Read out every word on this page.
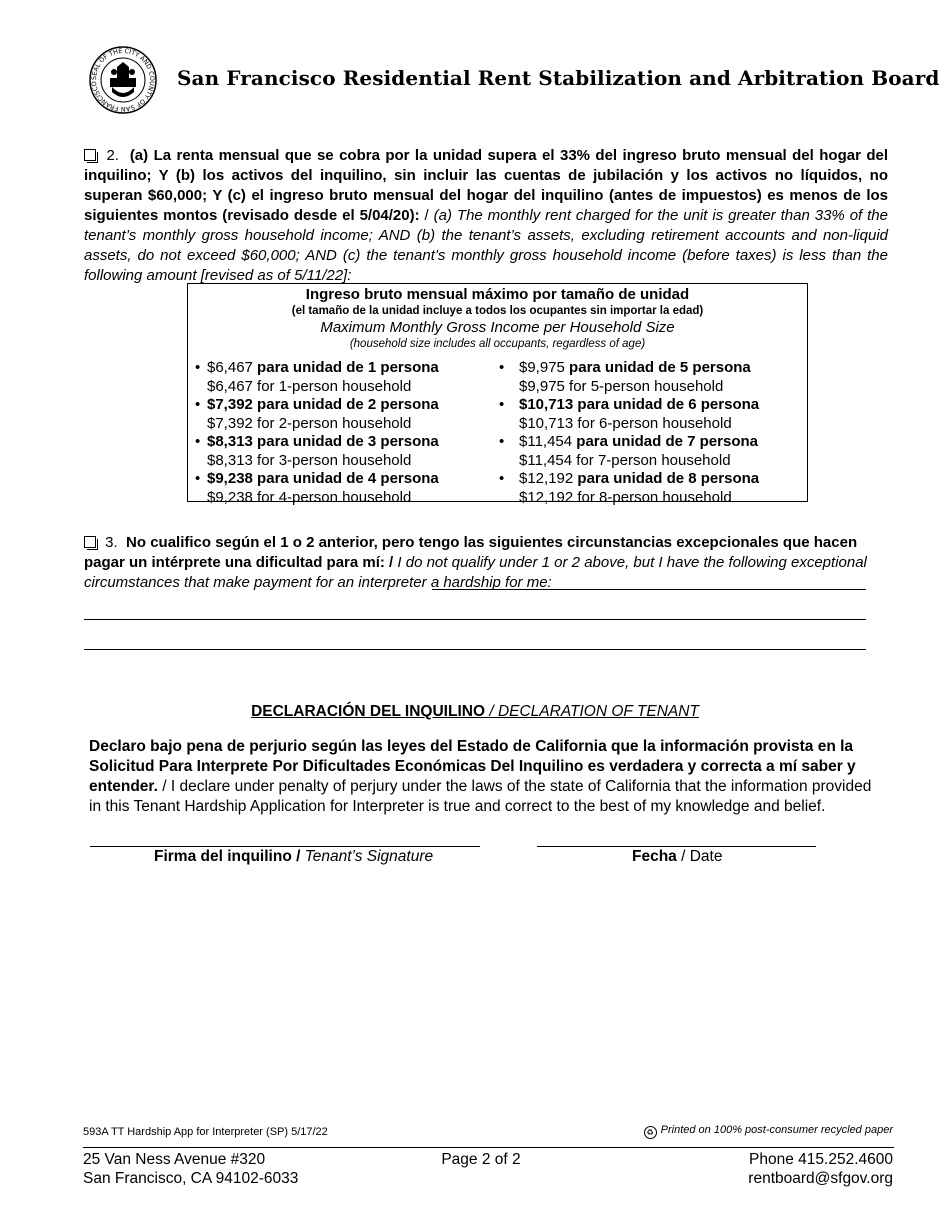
SEAL OF THE CITY AND COUNTY OF SAN FRANCISCO	San Francisco Residential Rent Stabilization and Arbitration Board
2. (a) La renta mensual que se cobra por la unidad supera el 33% del ingreso bruto mensual del hogar del inquilino; Y (b) los activos del inquilino, sin incluir las cuentas de jubilación y los activos no líquidos, no superan $60,000; Y (c) el ingreso bruto mensual del hogar del inquilino (antes de impuestos) es menos de los siguientes montos (revisado desde el 5/04/20): / (a) The monthly rent charged for the unit is greater than 33% of the tenant’s monthly gross household income; AND (b) the tenant’s assets, excluding retirement accounts and non-liquid assets, do not exceed $60,000; AND (c) the tenant’s monthly gross household income (before taxes) is less than the following amount [revised as of 5/11/22]:
Ingreso bruto mensual máximo por tamaño de unidad
(el tamaño de la unidad incluye a todos los ocupantes sin importar la edad)
Maximum Monthly Gross Income per Household Size
(household size includes all occupants, regardless of age)
• $6,467 para unidad de 1 persona
$6,467 for 1-person household
• $7,392 para unidad de 2 persona
$7,392 for 2-person household
• $8,313 para unidad de 3 persona
$8,313 for 3-person household
• $9,238 para unidad de 4 persona
$9,238 for 4-person household
• $9,975 para unidad de 5 persona
$9,975 for 5-person household
• $10,713 para unidad de 6 persona
$10,713 for 6-person household
• $11,454 para unidad de 7 persona
$11,454 for 7-person household
• $12,192 para unidad de 8 persona
$12,192 for 8-person household
3. No cualifico según el 1 o 2 anterior, pero tengo las siguientes circunstancias excepcionales que hacen pagar un intérprete una dificultad para mí: / I do not qualify under 1 or 2 above, but I have the following exceptional circumstances that make payment for an interpreter a hardship for me:
DECLARACIÓN DEL INQUILINO / DECLARATION OF TENANT
Declaro bajo pena de perjurio según las leyes del Estado de California que la información provista en la Solicitud Para Interprete Por Dificultades Económicas Del Inquilino es verdadera y correcta a mí saber y entender. / I declare under penalty of perjury under the laws of the state of California that the information provided in this Tenant Hardship Application for Interpreter is true and correct to the best of my knowledge and belief.
Firma del inquilino / Tenant’s Signature	Fecha / Date
593A TT Hardship App for Interpreter (SP) 5/17/22	♻ Printed on 100% post-consumer recycled paper
25 Van Ness Avenue #320
San Francisco, CA 94102-6033
Page 2 of 2	Phone 415.252.4600
rentboard@sfgov.org
